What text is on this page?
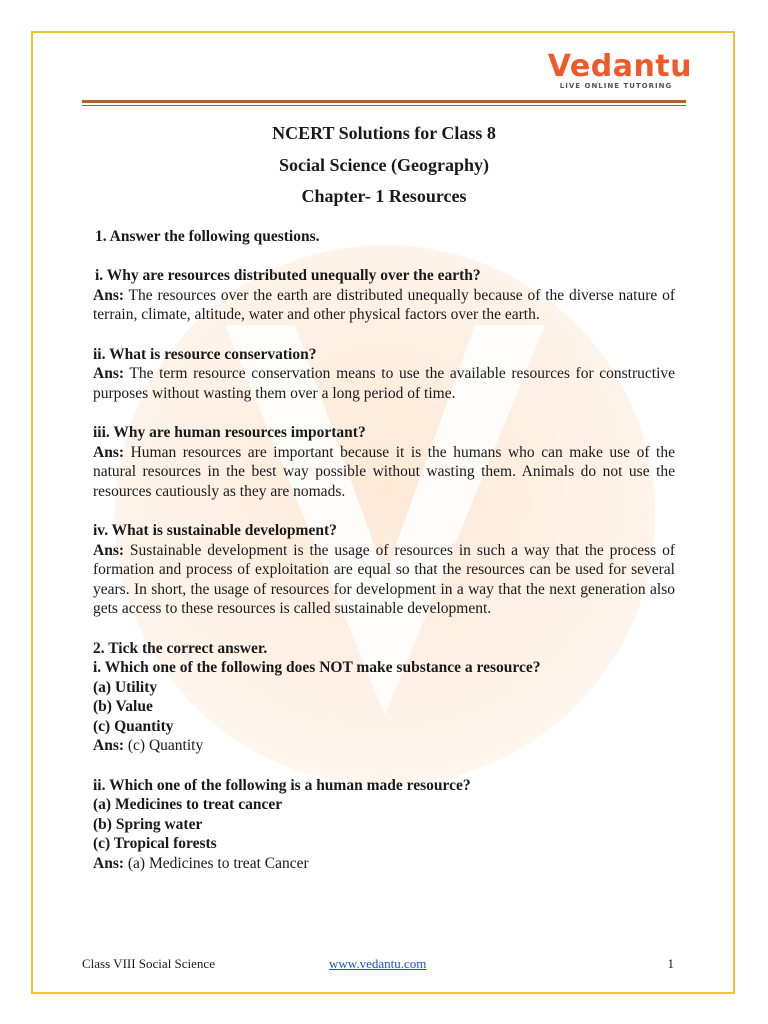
Vedantu
LIVE ONLINE TUTORING
NCERT Solutions for Class 8
Social Science (Geography)
Chapter- 1 Resources
1. Answer the following questions.
i. Why are resources distributed unequally over the earth?
Ans: The resources over the earth are distributed unequally because of the diverse nature of terrain, climate, altitude, water and other physical factors over the earth.
ii. What is resource conservation?
Ans: The term resource conservation means to use the available resources for constructive purposes without wasting them over a long period of time.
iii. Why are human resources important?
Ans: Human resources are important because it is the humans who can make use of the natural resources in the best way possible without wasting them. Animals do not use the resources cautiously as they are nomads.
iv. What is sustainable development?
Ans: Sustainable development is the usage of resources in such a way that the process of formation and process of exploitation are equal so that the resources can be used for several years. In short, the usage of resources for development in a way that the next generation also gets access to these resources is called sustainable development.
2. Tick the correct answer.
i. Which one of the following does NOT make substance a resource?
(a) Utility
(b) Value
(c) Quantity
Ans: (c) Quantity
ii. Which one of the following is a human made resource?
(a) Medicines to treat cancer
(b) Spring water
(c) Tropical forests
Ans: (a) Medicines to treat Cancer
Class VIII Social Science	www.vedantu.com	1
